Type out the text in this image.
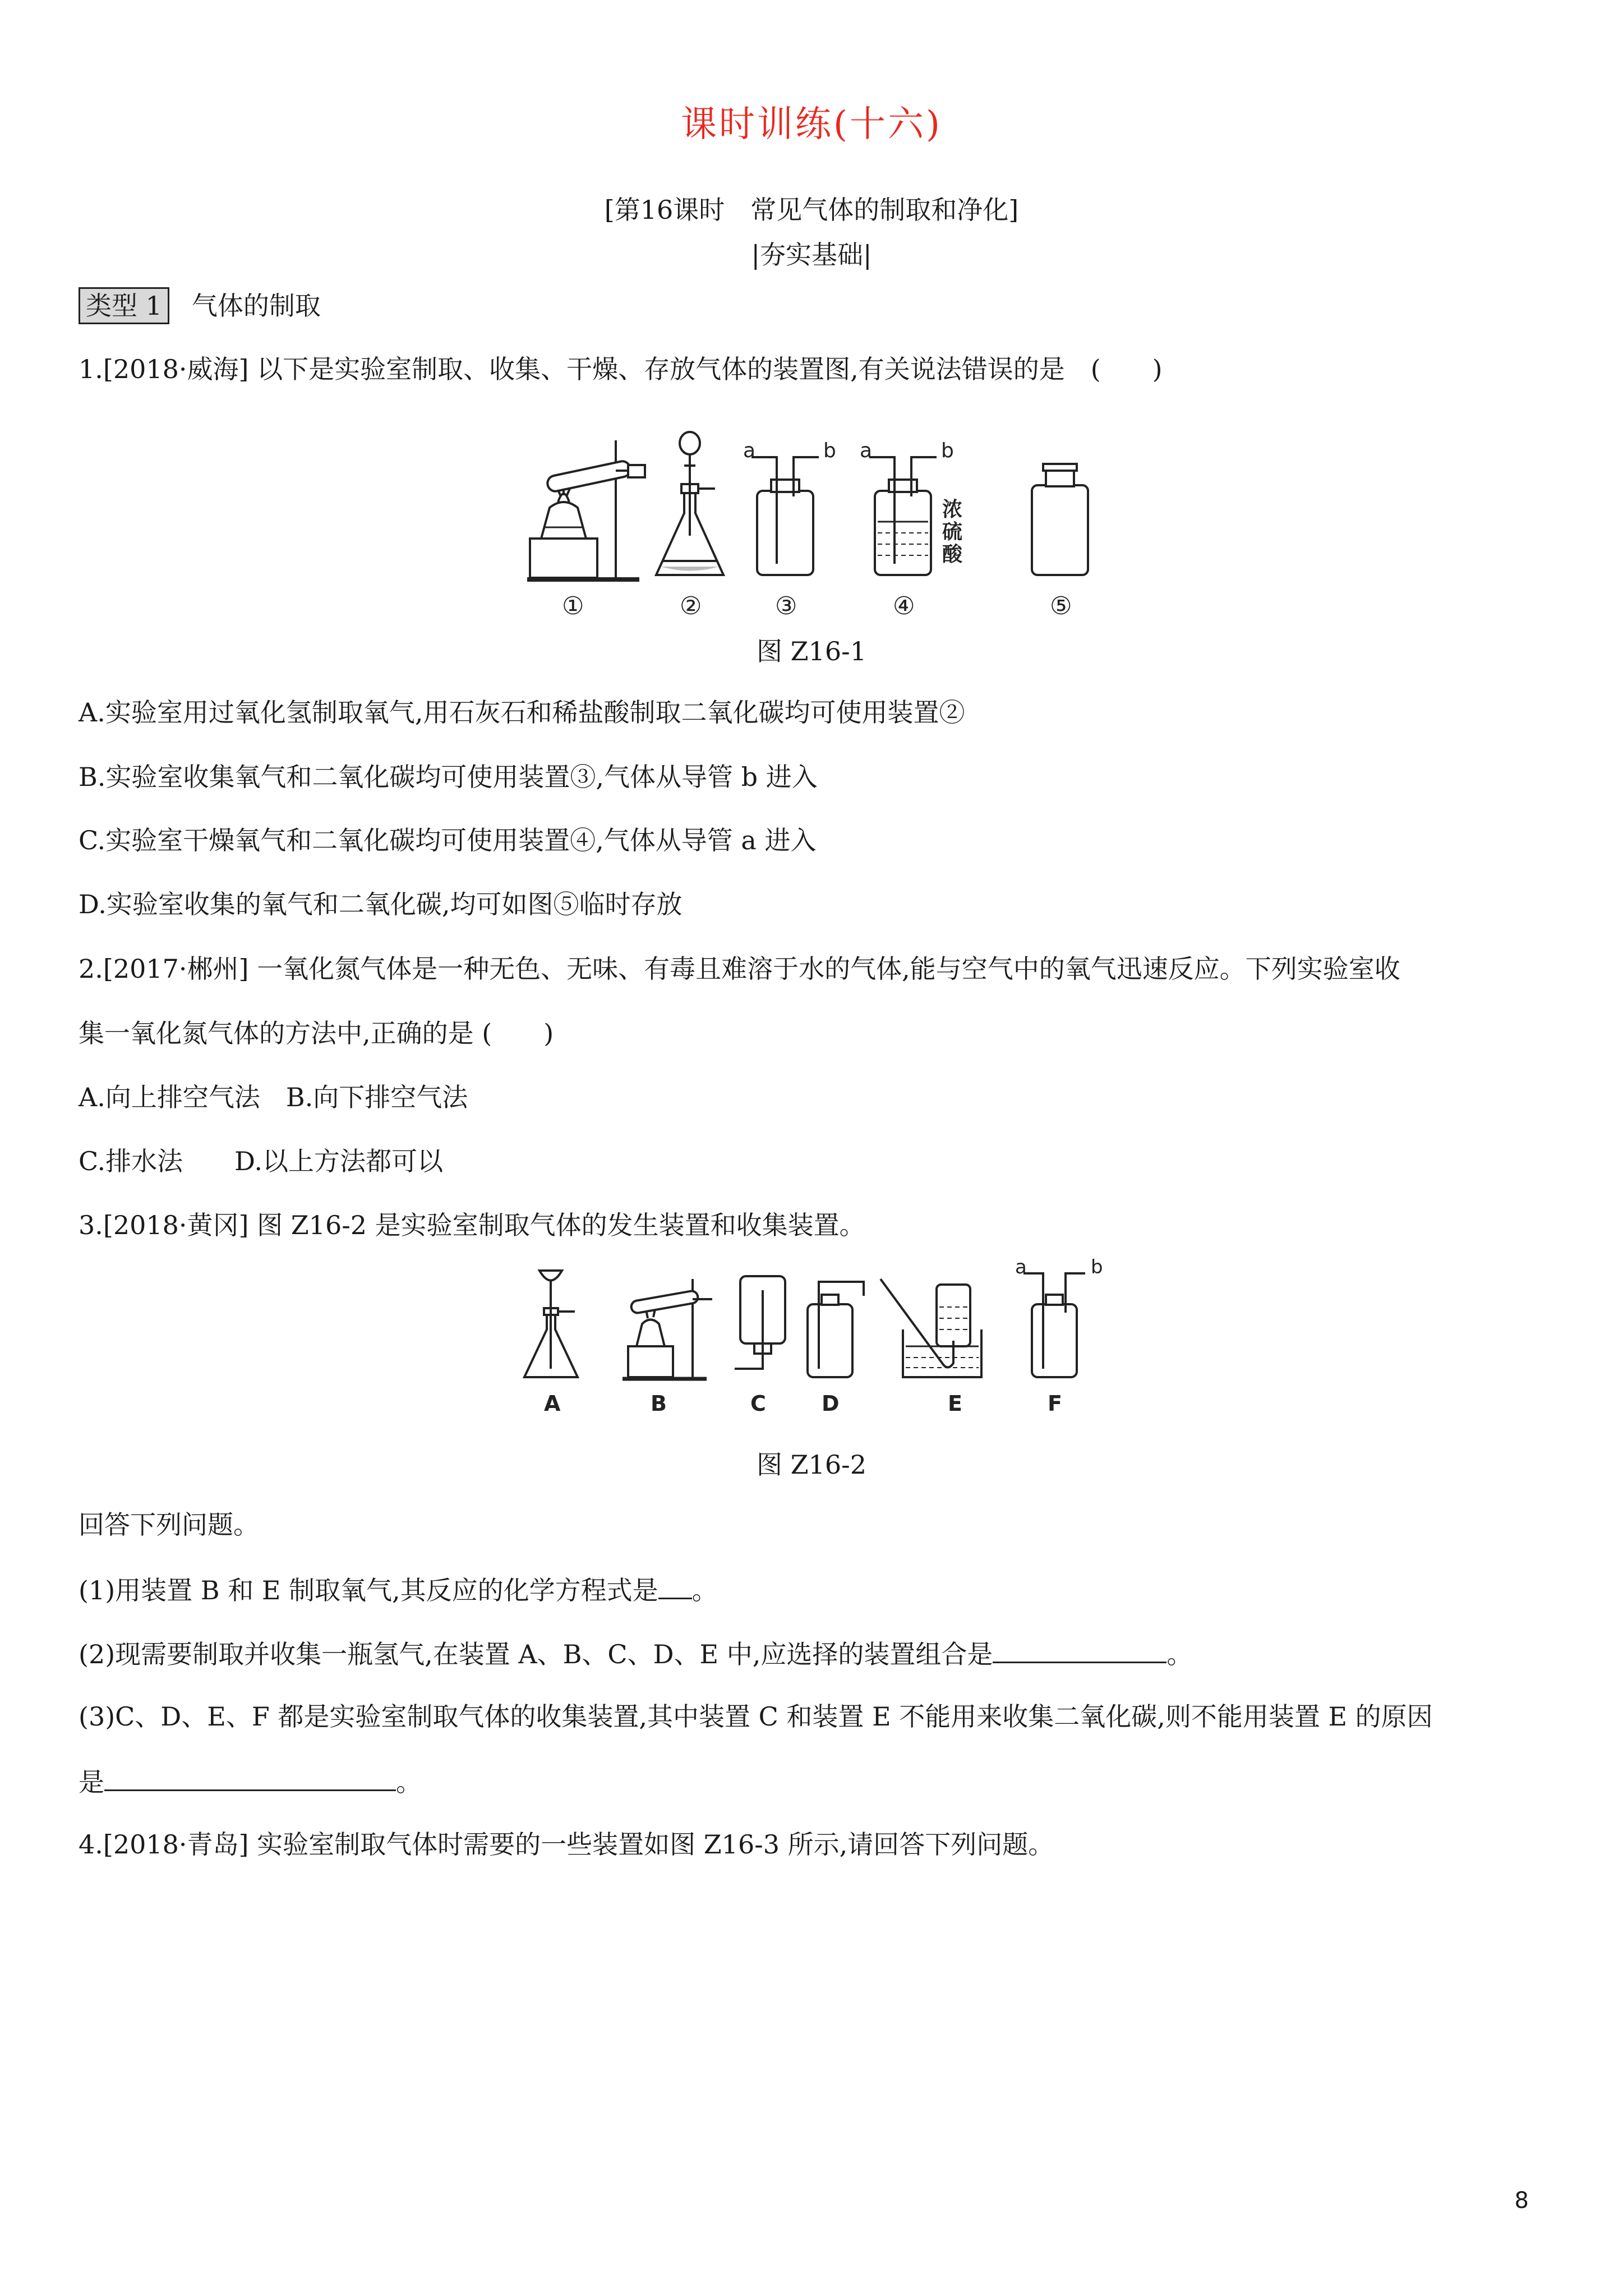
课时训练(十六)
[第16课时　常见气体的制取和净化]
|夯实基础|
类型 1 气体的制取
1.[2018·威海] 以下是实验室制取、收集、干燥、存放气体的装置图,有关说法错误的是　(　　)
a	b a	b
浓
硫
酸
①	②	③	④	⑤
图 Z16-1
A.实验室用过氧化氢制取氧气,用石灰石和稀盐酸制取二氧化碳均可使用装置②
B.实验室收集氧气和二氧化碳均可使用装置③,气体从导管 b 进入
C.实验室干燥氧气和二氧化碳均可使用装置④,气体从导管 a 进入
D.实验室收集的氧气和二氧化碳,均可如图⑤临时存放
2.[2017·郴州] 一氧化氮气体是一种无色、无味、有毒且难溶于水的气体,能与空气中的氧气迅速反应。下列实验室收
集一氧化氮气体的方法中,正确的是 (　　)
A.向上排空气法　B.向下排空气法
C.排水法　　D.以上方法都可以
3.[2018·黄冈] 图 Z16-2 是实验室制取气体的发生装置和收集装置。
a	b
A	B	C	D	E	F
图 Z16-2
回答下列问题。
(1)用装置 B 和 E 制取氧气,其反应的化学方程式是 。
(2)现需要制取并收集一瓶氢气,在装置 A、B、C、D、E 中,应选择的装置组合是	。
(3)C、D、E、F 都是实验室制取气体的收集装置,其中装置 C 和装置 E 不能用来收集二氧化碳,则不能用装置 E 的原因
是	。
4.[2018·青岛] 实验室制取气体时需要的一些装置如图 Z16-3 所示,请回答下列问题。
8
